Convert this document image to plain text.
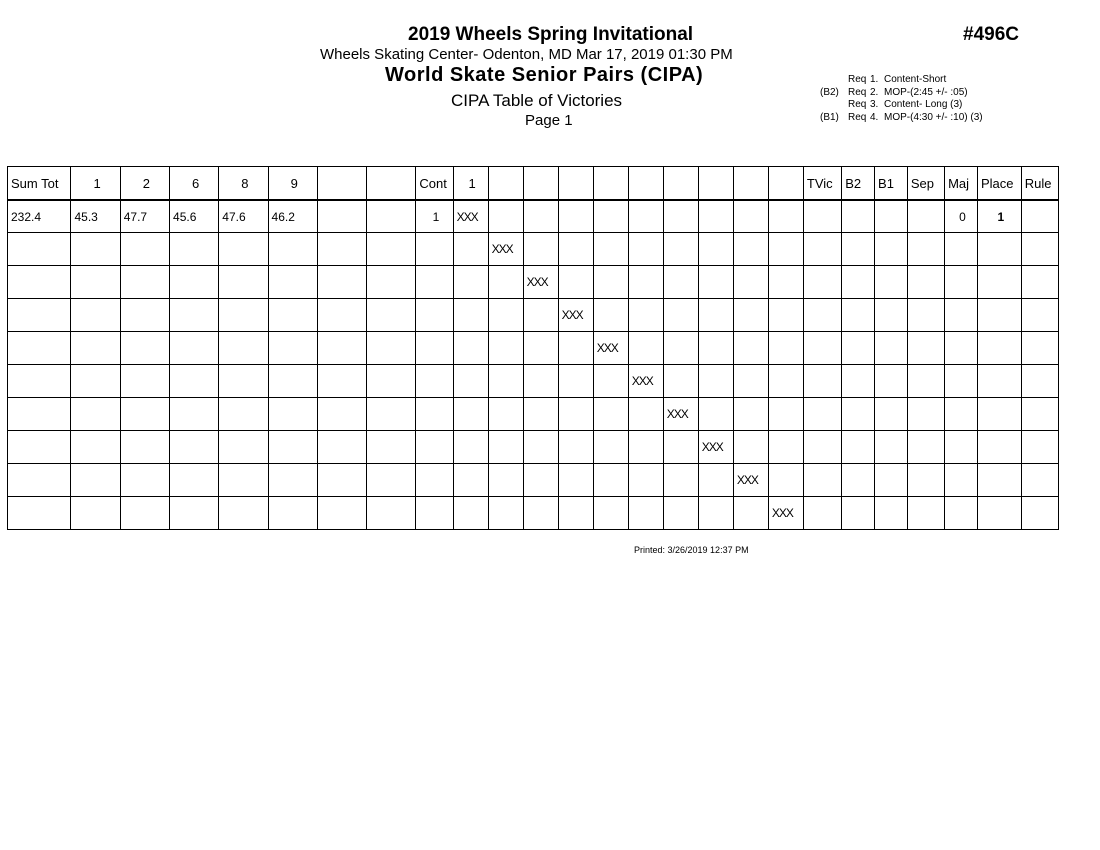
2019 Wheels Spring Invitational
Wheels Skating Center- Odenton, MD Mar 17, 2019 01:30 PM
#496C
World Skate Senior Pairs (CIPA)
CIPA Table of Victories
Page 1
Req 1. Content-Short
(B2) Req 2. MOP-(2:45 +/- :05)
Req 3. Content- Long (3)
(B1) Req 4. MOP-(4:30 +/- :10) (3)
Sum Tot	1	2	6	8	9			Cont	1										TVic	B2	B1	Sep	Maj	Place	Rule
232.4	45.3	47.7	45.6	47.6	46.2			1	XXX														0	1	
										XXX															
											XXX														
												XXX													
													XXX												
														XXX											
															XXX										
																XXX									
																	XXX								
																		XXX							
Printed: 3/26/2019 12:37 PM
